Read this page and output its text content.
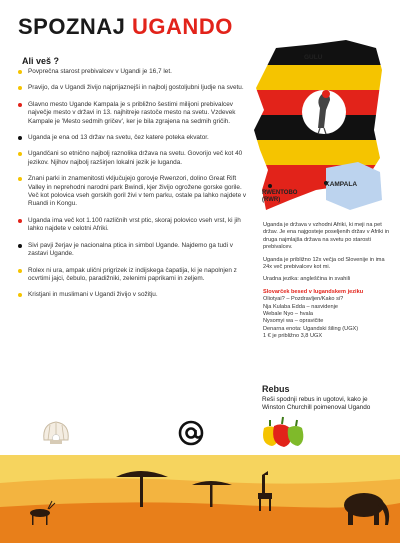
SPOZNAJ UGANDO
Ali veš ?
Povprečna starost prebivalcev v Ugandi je 16,7 let.
Pravijo, da v Ugandi živijo najprijaznejši in najbolj gostoljubni ljudje na svetu.
Glavno mesto Ugande Kampala je s približno šestimi milijoni prebivalcev največje mesto v državi in 13. najhitreje rastoče mesto na svetu. Vzdevek Kampale je 'Mesto sedmih gričev', ker je bila zgrajena na sedmih gričih.
Uganda je ena od 13 držav na svetu, čez katere poteka ekvator.
Ugandčani so etnično najbolj raznolika država na svetu. Govorijo več kot 40 jezikov. Njihov najbolj razširjen lokalni jezik je luganda.
Znani parki in znamenitosti vključujejo gorovje Rwenzori, dolino Great Rift Valley in neprehodni narodni park Bwindi, kjer živijo ogrožene gorske gorile. Več kot polovica vseh gorskih goril živi v tem parku, ostale pa lahko najdete v Ruandi in Kongu.
Uganda ima več kot 1.100 različnih vrst ptic, skoraj polovico vseh vrst, ki jih lahko najdete v celotni Afriki.
Sivi pavji žerjav je nacionalna ptica in simbol Ugande. Najdemo ga tudi v zastavi Ugande.
Rolex ni ura, ampak ulični prigrizek iz indijskega čapatija, ki je napolnjen z ocvrtimi jajci, čebulo, paradižniki, zelenimi paprikami in zeljem.
Kristjani in muslimani v Ugandi živijo v sožitju.
GULU
KAMPALA
RWENTOBO
(RWR)

Uganda je država v vzhodni Afriki, ki meji na pet držav. Je ena najgosteje poseljenih držav v Afriki in druga najmlajša država na svetu po starosti prebivalcev.

Uganda je približno 12x večja od Slovenije in ima 24x več prebivalcev kot mi.

Uradna jezika: angleščina in svahili

Slovarček besed v lugandskem jeziku
Oliotyai? – Pozdravljen/Kako si?
Nja Kulaba Edda – nasvidenje
Webale Nyo – hvala
Nysomyi wa – opravičite
Denarna enota: Ugandski šiling (UGX)
1 € je približno 3,8 UGX
Rebus
Reši spodnji rebus in ugotovi, kako je Winston Churchill poimenoval Ugando
